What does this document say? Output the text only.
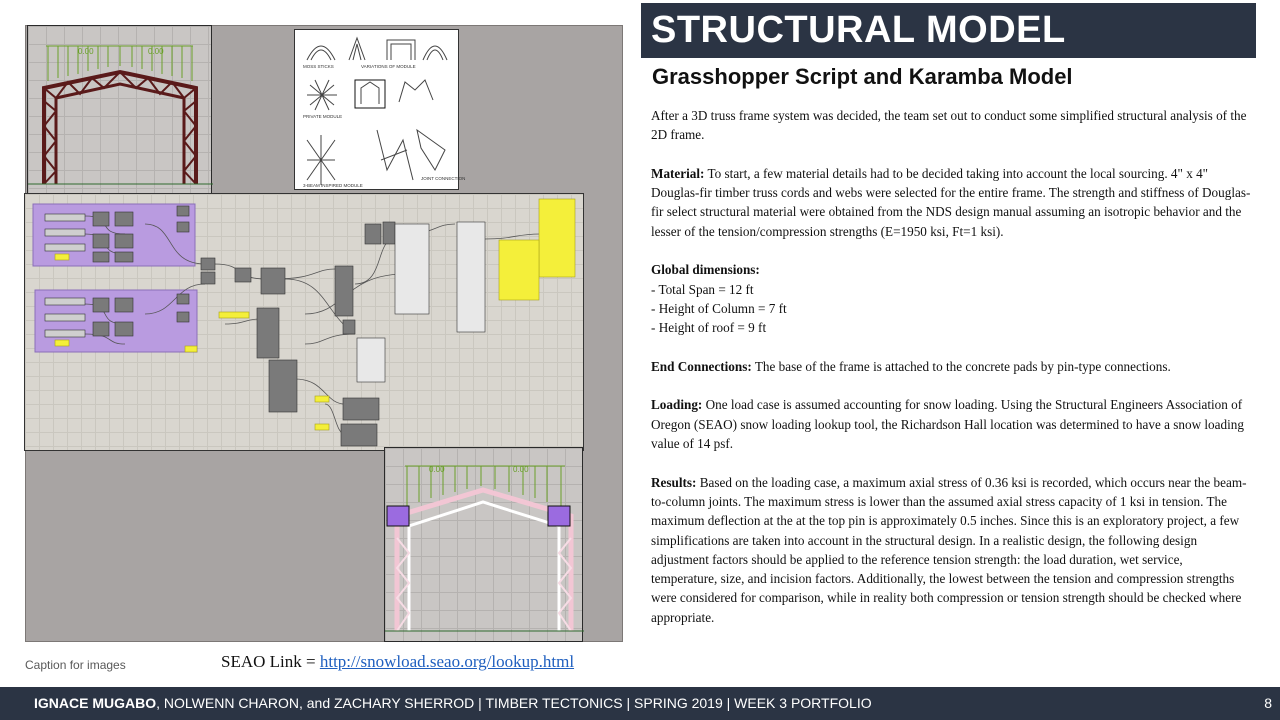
0.00	0.00
MOSS STICKS	VARIATIONS OF MODULE
PRIVATE MODULE
JOINT CONNECTION
3-BEAM INSPIRED MODULE
0.00	0.00
Caption for images	SEAO Link = http://snowload.seao.org/lookup.html
STRUCTURAL MODEL
Grasshopper Script and Karamba Model

After a 3D truss frame system was decided, the team set out to conduct some simplified structural analysis of the 2D frame.

Material: To start, a few material details had to be decided taking into account the local sourcing. 4" x 4" Douglas-fir timber truss cords and webs were selected for the entire frame. The strength and stiffness of Douglas-fir select structural material were obtained from the NDS design manual assuming an isotropic behavior and the lesser of the tension/compression strengths (E=1950 ksi, Ft=1 ksi).

Global dimensions:

- Total Span = 12 ft

- Height of Column = 7 ft

- Height of roof = 9 ft

End Connections: The base of the frame is attached to the concrete pads by pin-type connections.

Loading: One load case is assumed accounting for snow loading. Using the Structural Engineers Association of Oregon (SEAO) snow loading lookup tool, the Richardson Hall location was determined to have a snow loading value of 14 psf.

Results: Based on the loading case, a maximum axial stress of 0.36 ksi is recorded, which occurs near the beam-to-column joints. The maximum stress is lower than the assumed axial stress capacity of 1 ksi in tension. The maximum deflection at the at the top pin is approximately 0.5 inches. Since this is an exploratory project, a few simplifications are taken into account in the structural design. In a realistic design, the following design adjustment factors should be applied to the reference tension strength: the load duration, wet service, temperature, size, and incision factors. Additionally, the lowest between the tension and compression strengths were considered for comparison, while in reality both compression or tension strength should be checked where appropriate.

IGNACE MUGABO, NOLWENN CHARON, and ZACHARY SHERROD | TIMBER TECTONICS | SPRING 2019 | WEEK 3 PORTFOLIO	8
